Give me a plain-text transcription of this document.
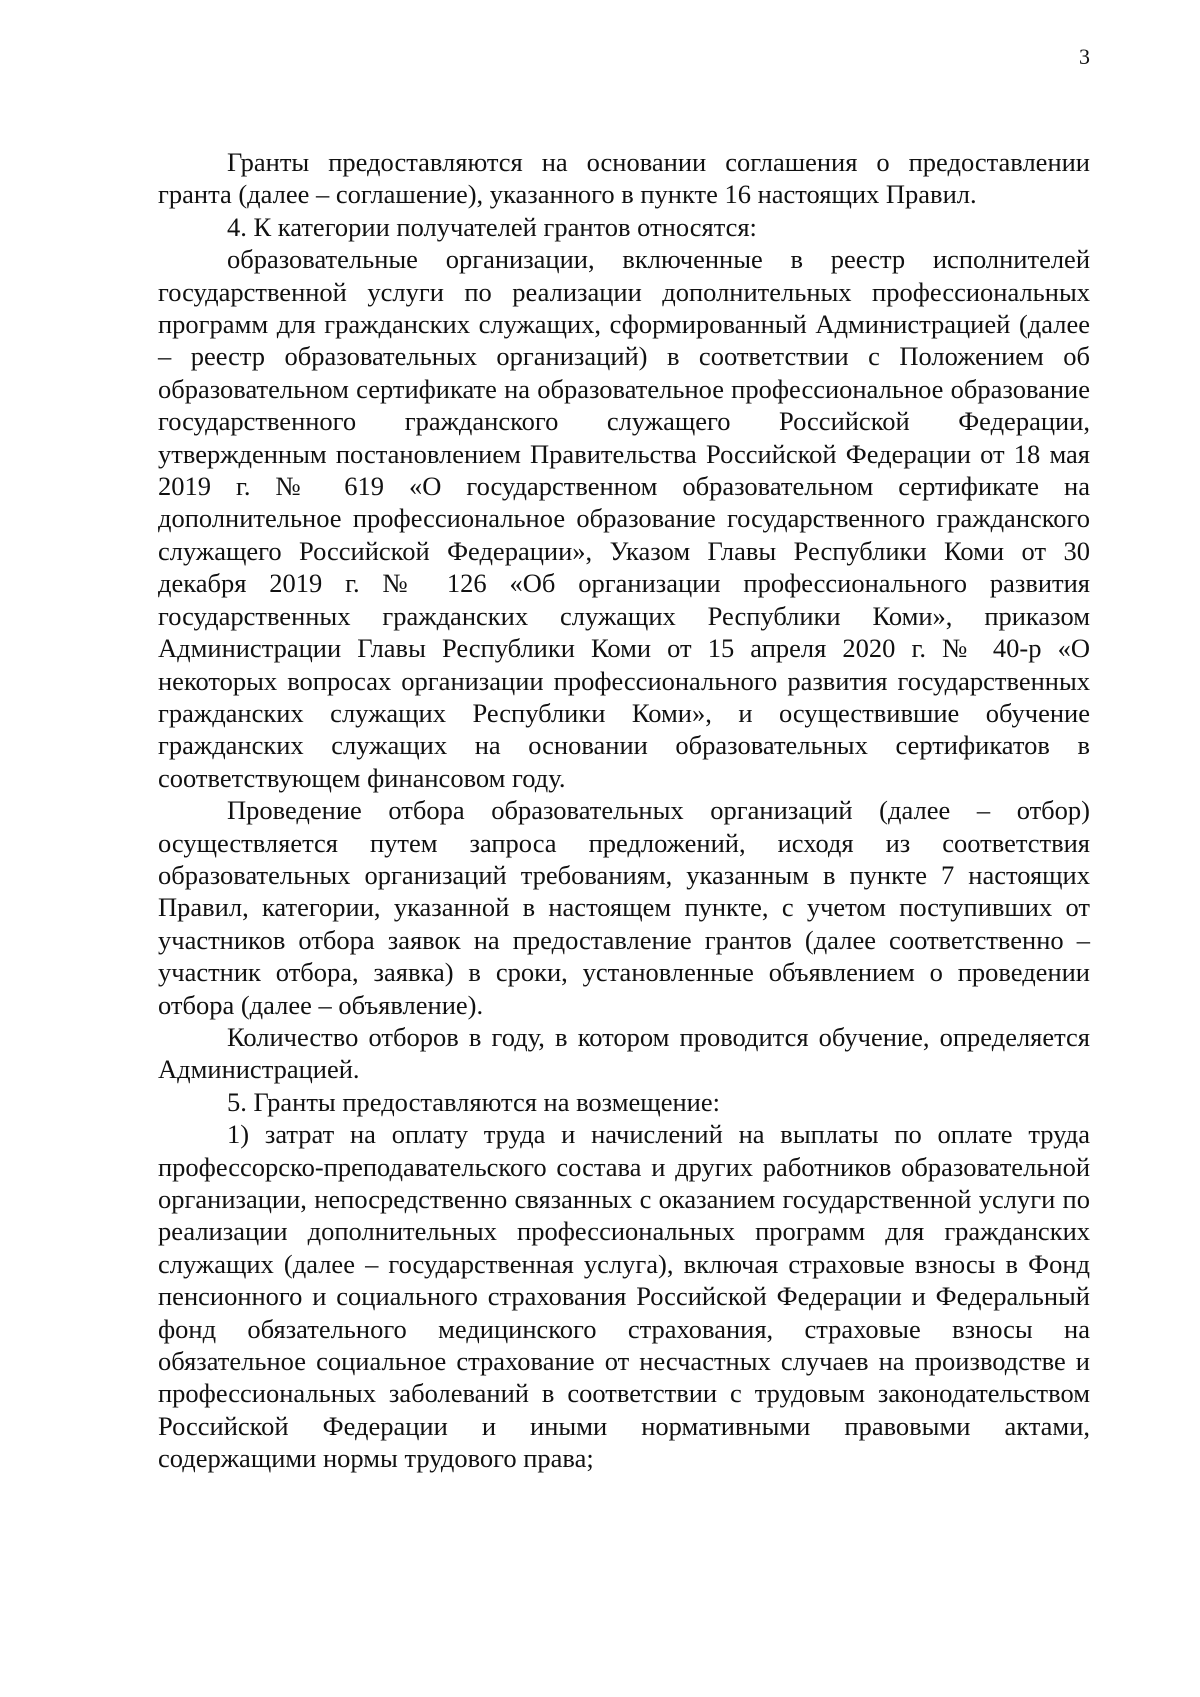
3

Гранты предоставляются на основании соглашения о предоставлении гранта (далее – соглашение), указанного в пункте 16 настоящих Правил.

4. К категории получателей грантов относятся:

образовательные организации, включенные в реестр исполнителей государственной услуги по реализации дополнительных профессиональных программ для гражданских служащих, сформированный Администрацией (далее – реестр образовательных организаций) в соответствии с Положением об образовательном сертификате на образовательное профессиональное образование государственного гражданского служащего Российской Федерации, утвержденным постановлением Правительства Российской Федерации от 18 мая 2019 г. № 619 «О государственном образовательном сертификате на дополнительное профессиональное образование государственного гражданского служащего Российской Федерации», Указом Главы Республики Коми от 30 декабря 2019 г. № 126 «Об организации профессионального развития государственных гражданских служащих Республики Коми», приказом Администрации Главы Республики Коми от 15 апреля 2020 г. № 40-р «О некоторых вопросах организации профессионального развития государственных гражданских служащих Республики Коми», и осуществившие обучение гражданских служащих на основании образовательных сертификатов в соответствующем финансовом году.

Проведение отбора образовательных организаций (далее – отбор) осуществляется путем запроса предложений, исходя из соответствия образовательных организаций требованиям, указанным в пункте 7 настоящих Правил, категории, указанной в настоящем пункте, с учетом поступивших от участников отбора заявок на предоставление грантов (далее соответственно – участник отбора, заявка) в сроки, установленные объявлением о проведении отбора (далее – объявление).

Количество отборов в году, в котором проводится обучение, определяется Администрацией.

5. Гранты предоставляются на возмещение:

1) затрат на оплату труда и начислений на выплаты по оплате труда профессорско-преподавательского состава и других работников образовательной организации, непосредственно связанных с оказанием государственной услуги по реализации дополнительных профессиональных программ для гражданских служащих (далее – государственная услуга), включая страховые взносы в Фонд пенсионного и социального страхования Российской Федерации и Федеральный фонд обязательного медицинского страхования, страховые взносы на обязательное социальное страхование от несчастных случаев на производстве и профессиональных заболеваний в соответствии с трудовым законодательством Российской Федерации и иными нормативными правовыми актами, содержащими нормы трудового права;
